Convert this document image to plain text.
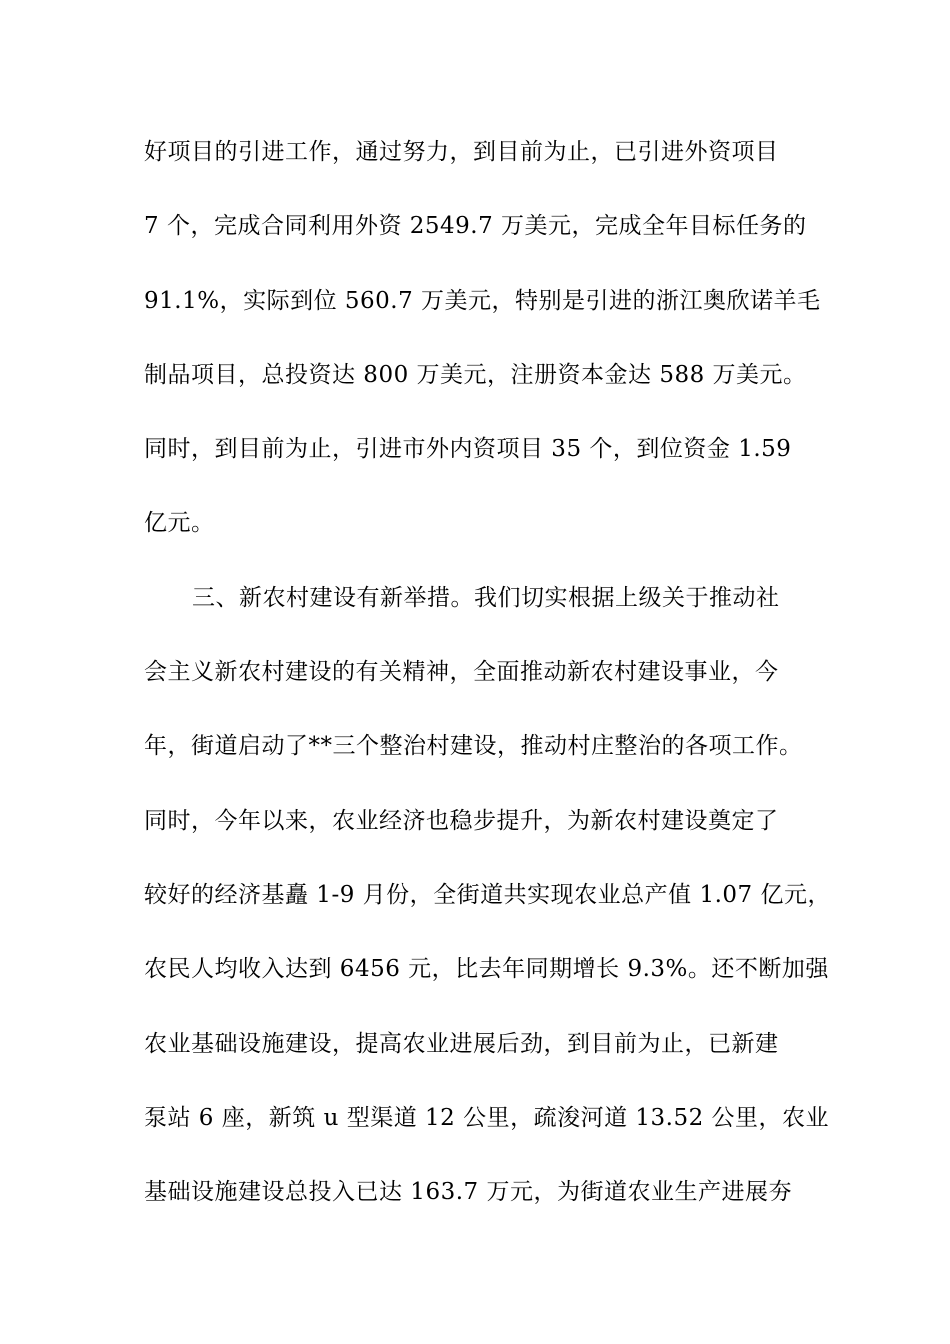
好项目的引进工作，通过努力，到目前为止，已引进外资项目
7 个，完成合同利用外资 2549.7 万美元，完成全年目标任务的
91.1%，实际到位 560.7 万美元，特别是引进的浙江奥欣诺羊毛
制品项目，总投资达 800 万美元，注册资本金达 588 万美元。
同时，到目前为止，引进市外内资项目 35 个，到位资金 1.59
亿元。
三、新农村建设有新举措。我们切实根据上级关于推动社
会主义新农村建设的有关精神，全面推动新农村建设事业，今
年，街道启动了**三个整治村建设，推动村庄整治的各项工作。
同时，今年以来，农业经济也稳步提升，为新农村建设奠定了
较好的经济基矗 1-9 月份，全街道共实现农业总产值 1.07 亿元，
农民人均收入达到 6456 元，比去年同期增长 9.3%。还不断加强
农业基础设施建设，提高农业进展后劲，到目前为止，已新建
泵站 6 座，新筑 u 型渠道 12 公里，疏浚河道 13.52 公里，农业
基础设施建设总投入已达 163.7 万元，为街道农业生产进展夯
